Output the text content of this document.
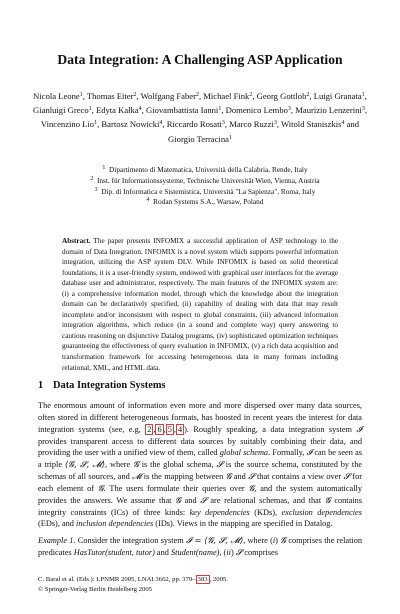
Data Integration: A Challenging ASP Application
Nicola Leone$^1$, Thomas Eiter$^2$, Wolfgang Faber$^2$, Michael Fink$^2$, Georg Gottlob$^2$, Luigi Granata$^1$, Gianluigi Greco$^1$, Edyta Kałka$^4$, Giovambattista Ianni$^1$, Domenico Lembo$^3$, Maurizio Lenzerini$^3$, Vincenzino Lio$^1$, Bartosz Nowicki$^4$, Riccardo Rosati$^3$, Marco Ruzzi$^3$, Witold Staniszkis$^4$ and Giorgio Terracina$^1$

$^1$ Dipartimento di Matematica, Università della Calabria, Rende, Italy

$^2$ Inst. für Informationssysteme, Technische Universität Wien, Vienna, Austria

$^3$ Dip. di Informatica e Sistemistica, Università "La Sapienza", Roma, Italy

$^4$ Rodan Systems S.A., Warsaw, Poland

Abstract. The paper presents INFOMIX a successful application of ASP technology to the domain of Data Integration. INFOMIX is a novel system which supports powerful information integration, utilizing the ASP system DLV. While INFOMIX is based on solid theoretical foundations, it is a user-friendly system, endowed with graphical user interfaces for the average database user and administrator, respectively. The main features of the INFOMIX system are: (i) a comprehensive information model, through which the knowledge about the integration domain can be declaratively specified, (ii) capability of dealing with data that may result incomplete and/or inconsistent with respect to global constraints, (iii) advanced information integration algorithms, which reduce (in a sound and complete way) query answering to cautious reasoning on disjunctive Datalog programs, (iv) sophisticated optimization techniques guaranteeing the effectiveness of query evaluation in INFOMIX, (v) a rich data acquisition and transformation framework for accessing heterogeneous data in many formats including relational, XML, and HTML data.
1 Data Integration Systems

The enormous amount of information even more and more dispersed over many data sources, often stored in different heterogeneous formats, has boosted in recent years the interest for data integration systems (see, e.g, 2 , 6 , 5 , 4 ). Roughly speaking, a data integration system 𝓘 provides transparent access to different data sources by suitably combining their data, and providing the user with a unified view of them, called global schema. Formally, 𝓘 can be seen as a triple ⟨𝓖, 𝓢, 𝓜⟩, where 𝓖 is the global schema, 𝓢 is the source schema, constituted by the schemas of all sources, and 𝓜 is the mapping between 𝓖 and 𝓢 that contains a view over 𝓢 for each element of 𝓖. The users formulate their queries over 𝓖, and the system automatically provides the answers. We assume that 𝓖 and 𝓢 are relational schemas, and that 𝓖 contains integrity constraints (ICs) of three kinds: key dependencies (KDs), exclusion dependencies (EDs), and inclusion dependencies (IDs). Views in the mapping are specified in Datalog.

Example 1. Consider the integration system 𝓘 = ⟨𝓖, 𝓢, 𝓜⟩, where (i) 𝓖 comprises the relation predicates HasTutor(student, tutor) and Student(name), (ii) 𝓢 comprises

C. Baral et al. (Eds.): LPNMR 2005, LNAI 3662, pp. 379– 383 , 2005.

© Springer-Verlag Berlin Heidelberg 2005
